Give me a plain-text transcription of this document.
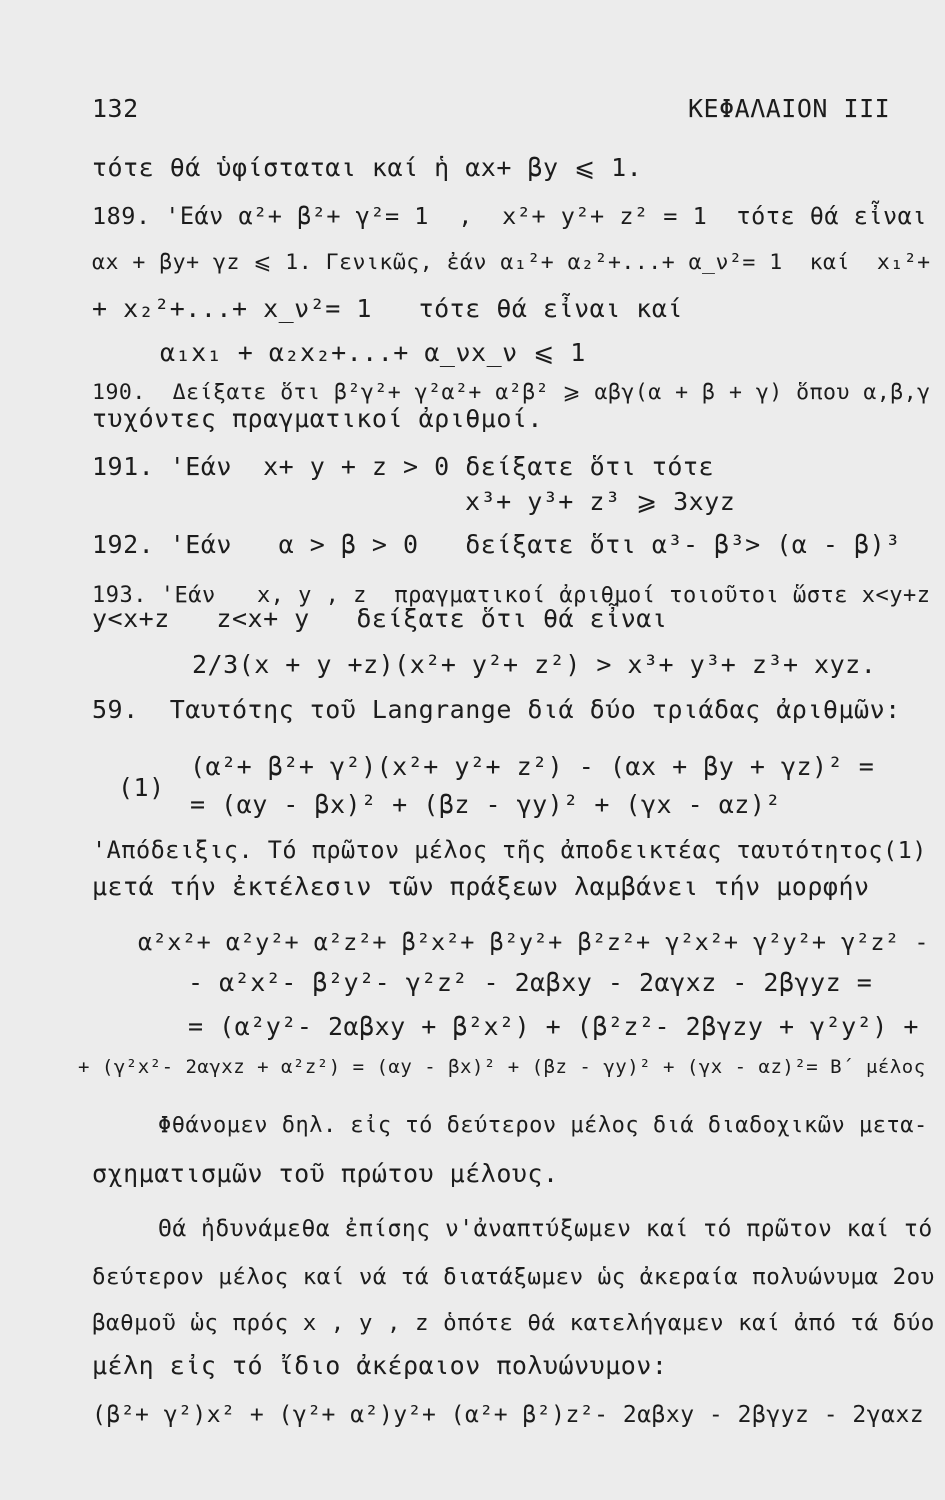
132	ΚΕΦΑΛΑΙΟΝ ΙΙΙ
τότε θά ὑφίσταται καί ἡ αx+ βy ⩽ 1.
189. 'Εάν α²+ β²+ γ²= 1  ,  x²+ y²+ z² = 1  τότε θά εἶναι
αx + βy+ γz ⩽ 1. Γενικῶς, ἐάν α₁²+ α₂²+...+ α_ν²= 1  καί  x₁²+
+ x₂²+...+ x_ν²= 1   τότε θά εἶναι καί
α₁x₁ + α₂x₂+...+ α_νx_ν ⩽ 1
190.  Δείξατε ὅτι β²γ²+ γ²α²+ α²β² ⩾ αβγ(α + β + γ) ὅπου α,β,γ
τυχόντες πραγματικοί ἀριθμοί.
191. 'Εάν  x+ y + z > 0 δείξατε ὅτι τότε
x³+ y³+ z³ ⩾ 3xyz
192. 'Εάν   α > β > 0   δείξατε ὅτι α³- β³> (α - β)³
193. 'Εάν   x, y , z  πραγματικοί ἀριθμοί τοιοῦτοι ὥστε x<y+z
y<x+z   z<x+ y   δείξατε ὅτι θά εἶναι
2/3(x + y +z)(x²+ y²+ z²) > x³+ y³+ z³+ xyz.
59.  Ταυτότης τοῦ Langrange διά δύο τριάδας ἀριθμῶν:
(α²+ β²+ γ²)(x²+ y²+ z²) - (αx + βy + γz)² =
(1)
= (αy - βx)² + (βz - γy)² + (γx - αz)²
'Απόδειξις. Τό πρῶτον μέλος τῆς ἀποδεικτέας ταυτότητος(1)
μετά τήν ἐκτέλεσιν τῶν πράξεων λαμβάνει τήν μορφήν
α²x²+ α²y²+ α²z²+ β²x²+ β²y²+ β²z²+ γ²x²+ γ²y²+ γ²z² -
- α²x²- β²y²- γ²z² - 2αβxy - 2αγxz - 2βγyz =
= (α²y²- 2αβxy + β²x²) + (β²z²- 2βγzy + γ²y²) +
+ (γ²x²- 2αγxz + α²z²) = (αy - βx)² + (βz - γy)² + (γx - αz)²= Β΄ μέλος
Φθάνομεν δηλ. εἰς τό δεύτερον μέλος διά διαδοχικῶν μετα-
σχηματισμῶν τοῦ πρώτου μέλους.
Θά ἠδυνάμεθα ἐπίσης ν'ἀναπτύξωμεν καί τό πρῶτον καί τό
δεύτερον μέλος καί νά τά διατάξωμεν ὡς ἀκεραία πολυώνυμα 2ου
βαθμοῦ ὡς πρός x , y , z ὁπότε θά κατελήγαμεν καί ἀπό τά δύο
μέλη εἰς τό ἴδιο ἀκέραιον πολυώνυμον:
(β²+ γ²)x² + (γ²+ α²)y²+ (α²+ β²)z²- 2αβxy - 2βγyz - 2γαxz
